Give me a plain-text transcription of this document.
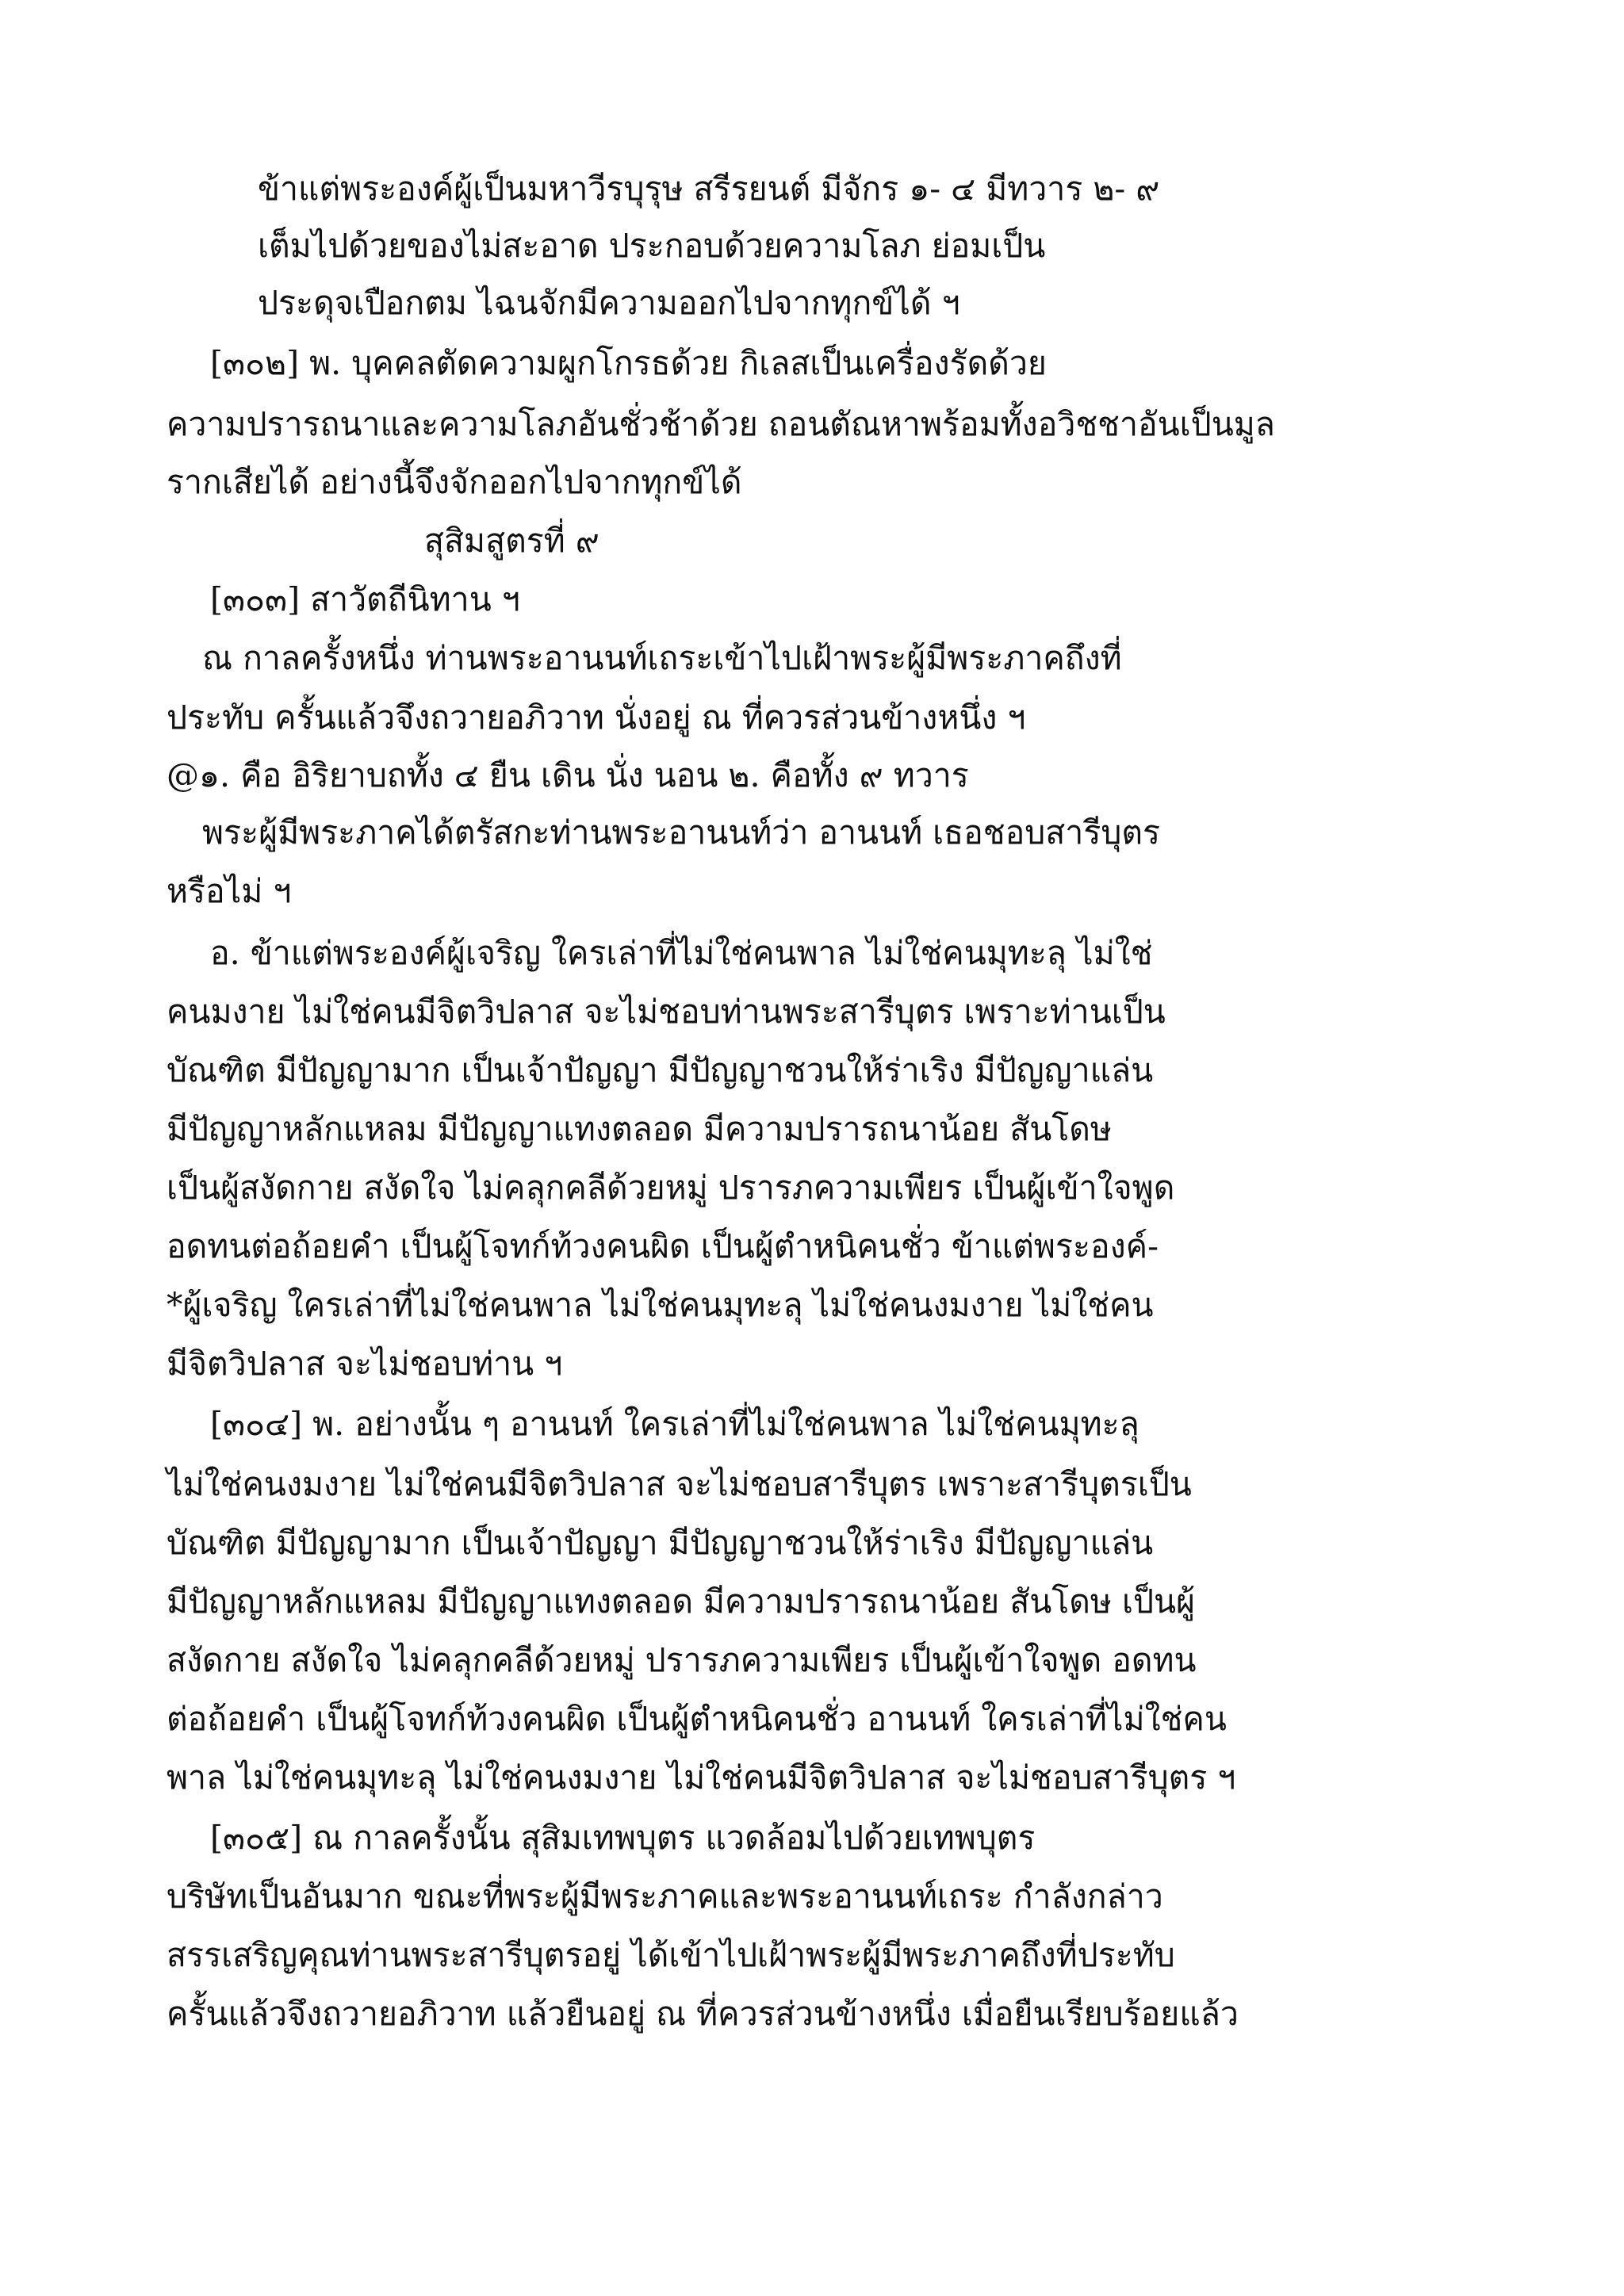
ข้าแต่พระองค์ผู้เป็นมหาวีรบุรุษ สรีรยนต์ มีจักร ๑- ๔ มีทวาร ๒- ๙

เต็มไปด้วยของไม่สะอาด ประกอบด้วยความโลภ ย่อมเป็น

ประดุจเปือกตม ไฉนจักมีความออกไปจากทุกข์ได้ ฯ

[๓๐๒] พ. บุคคลตัดความผูกโกรธด้วย กิเลสเป็นเครื่องรัดด้วย

ความปรารถนาและความโลภอันชั่วช้าด้วย ถอนตัณหาพร้อมทั้งอวิชชาอันเป็นมูล

รากเสียได้ อย่างนี้จึงจักออกไปจากทุกข์ได้

สุสิมสูตรที่ ๙

[๓๐๓] สาวัตถีนิทาน ฯ

ณ กาลครั้งหนึ่ง ท่านพระอานนท์เถระเข้าไปเฝ้าพระผู้มีพระภาคถึงที่

ประทับ ครั้นแล้วจึงถวายอภิวาท นั่งอยู่ ณ ที่ควรส่วนข้างหนึ่ง ฯ

@๑. คือ อิริยาบถทั้ง ๔ ยืน เดิน นั่ง นอน ๒. คือทั้ง ๙ ทวาร

พระผู้มีพระภาคได้ตรัสกะท่านพระอานนท์ว่า อานนท์ เธอชอบสารีบุตร

หรือไม่ ฯ

อ. ข้าแต่พระองค์ผู้เจริญ ใครเล่าที่ไม่ใช่คนพาล ไม่ใช่คนมุทะลุ ไม่ใช่

คนมงาย ไม่ใช่คนมีจิตวิปลาส จะไม่ชอบท่านพระสารีบุตร เพราะท่านเป็น

บัณฑิต มีปัญญามาก เป็นเจ้าปัญญา มีปัญญาชวนให้ร่าเริง มีปัญญาแล่น

มีปัญญาหลักแหลม มีปัญญาแทงตลอด มีความปรารถนาน้อย สันโดษ

เป็นผู้สงัดกาย สงัดใจ ไม่คลุกคลีด้วยหมู่ ปรารภความเพียร เป็นผู้เข้าใจพูด

อดทนต่อถ้อยคำ เป็นผู้โจทก์ท้วงคนผิด เป็นผู้ตำหนิคนชั่ว ข้าแต่พระองค์-

*ผู้เจริญ ใครเล่าที่ไม่ใช่คนพาล ไม่ใช่คนมุทะลุ ไม่ใช่คนงมงาย ไม่ใช่คน

มีจิตวิปลาส จะไม่ชอบท่าน ฯ

[๓๐๔] พ. อย่างนั้น ๆ อานนท์ ใครเล่าที่ไม่ใช่คนพาล ไม่ใช่คนมุทะลุ

ไม่ใช่คนงมงาย ไม่ใช่คนมีจิตวิปลาส จะไม่ชอบสารีบุตร เพราะสารีบุตรเป็น

บัณฑิต มีปัญญามาก เป็นเจ้าปัญญา มีปัญญาชวนให้ร่าเริง มีปัญญาแล่น

มีปัญญาหลักแหลม มีปัญญาแทงตลอด มีความปรารถนาน้อย สันโดษ เป็นผู้

สงัดกาย สงัดใจ ไม่คลุกคลีด้วยหมู่ ปรารภความเพียร เป็นผู้เข้าใจพูด อดทน

ต่อถ้อยคำ เป็นผู้โจทก์ท้วงคนผิด เป็นผู้ตำหนิคนชั่ว อานนท์ ใครเล่าที่ไม่ใช่คน

พาล ไม่ใช่คนมุทะลุ ไม่ใช่คนงมงาย ไม่ใช่คนมีจิตวิปลาส จะไม่ชอบสารีบุตร ฯ

[๓๐๕] ณ กาลครั้งนั้น สุสิมเทพบุตร แวดล้อมไปด้วยเทพบุตร

บริษัทเป็นอันมาก ขณะที่พระผู้มีพระภาคและพระอานนท์เถระ กำลังกล่าว

สรรเสริญคุณท่านพระสารีบุตรอยู่ ได้เข้าไปเฝ้าพระผู้มีพระภาคถึงที่ประทับ

ครั้นแล้วจึงถวายอภิวาท แล้วยืนอยู่ ณ ที่ควรส่วนข้างหนึ่ง เมื่อยืนเรียบร้อยแล้ว
